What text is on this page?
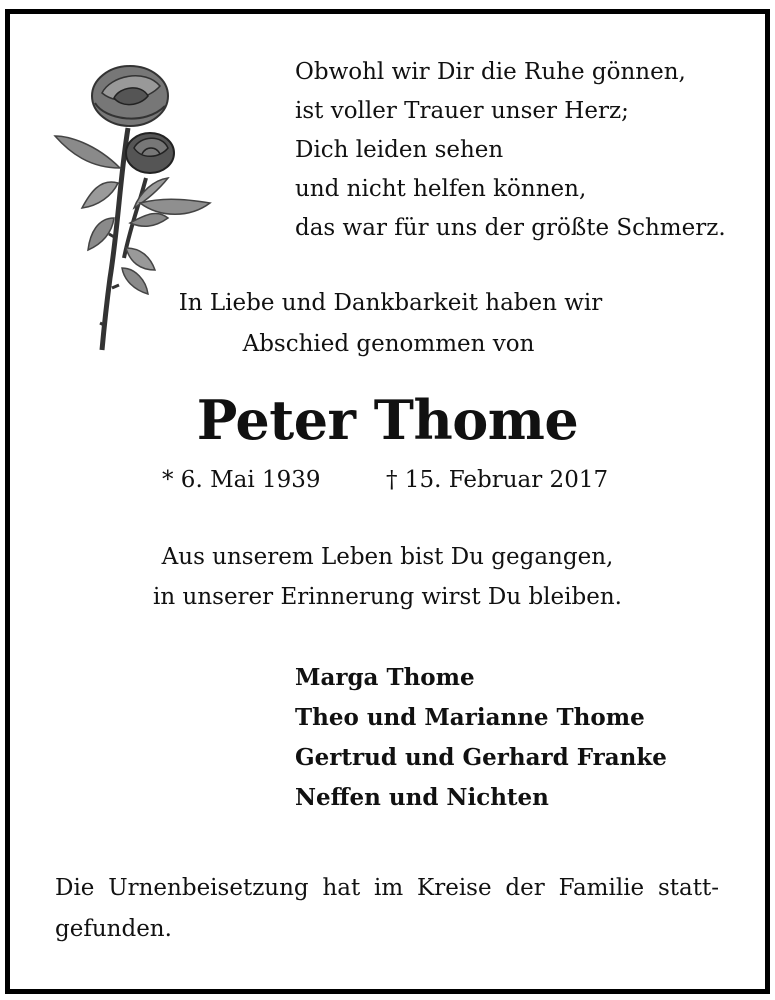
Obwohl wir Dir die Ruhe gönnen,
ist voller Trauer unser Herz;
Dich leiden sehen
und nicht helfen können,
das war für uns der größte Schmerz.
In Liebe und Dankbarkeit haben wir
Abschied genommen von
Peter Thome
* 6. Mai 1939	† 15. Februar 2017
Aus unserem Leben bist Du gegangen,
in unserer Erinnerung wirst Du bleiben.
Marga Thome
Theo und Marianne Thome
Gertrud und Gerhard Franke
Neffen und Nichten
Die Urnenbeisetzung hat im Kreise der Familie statt-gefunden.
